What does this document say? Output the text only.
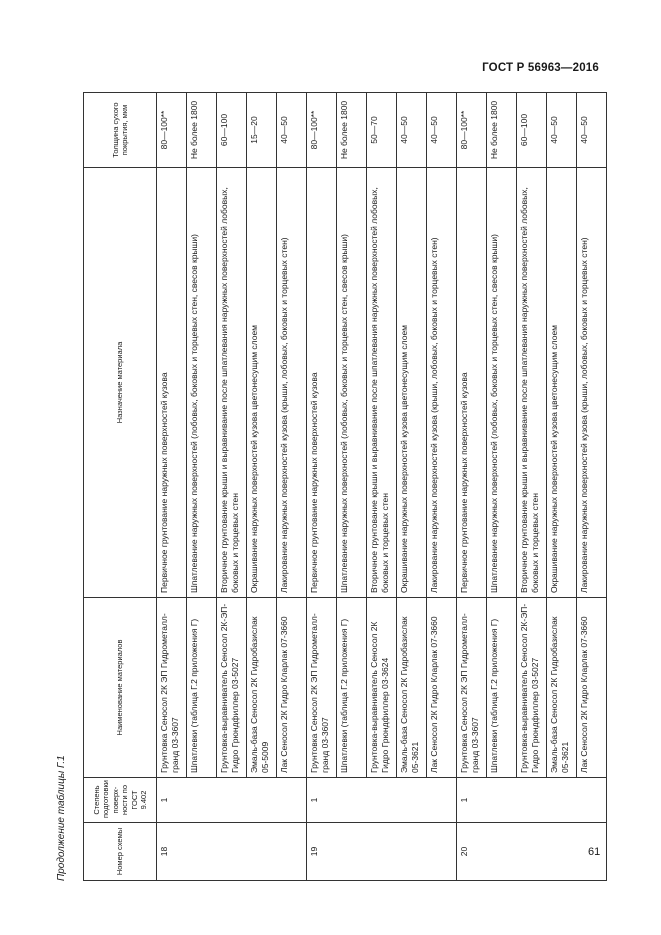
ГОСТ Р 56963—2016
Продолжение таблицы Г.1	Номер схемы	Степень подготовки поверх-ности по ГОСТ 9.402	Наименование материалов	Назначение материала	Толщина сухого покрытия, мкм
18	1	Грунтовка Сеносол 2К ЭП Гидрометалл-гранд 03-3607	Первичное грунтование наружных поверхностей кузова	80—100**
		Шпатлевки (таблица Г.2 приложения Г)	Шпатлевание наружных поверхностей (лобовых, боковых и торцевых стен, свесов крыши)	Не более 1800
		Грунтовка-выравниватель Сеносол 2К-ЭП-Гидро Грюндфиллер 03-5027	Вторичное грунтование крыши и выравнивание после шпатлевания наружных поверхностей лобовых, боковых и торцевых стен	60—100
		Эмаль-база Сеносол 2К Гидробазислак 05-5009	Окрашивание наружных поверхностей кузова цветонесущим слоем	15—20
		Лак Сеносол 2К Гидро Кларлак 07-3660	Лакирование наружных поверхностей кузова (крыши, лобовых, боковых и торцевых стен)	40—50
19	1	Грунтовка Сеносол 2К ЭП Гидрометалл-гранд 03-3607	Первичное грунтование наружных поверхностей кузова	80—100**
		Шпатлевки (таблица Г.2 приложения Г)	Шпатлевание наружных поверхностей (лобовых, боковых и торцевых стен, свесов крыши)	Не более 1800
		Грунтовка-выравниватель Сеносол 2К Гидро Грюндфиллер 03-3624	Вторичное грунтование крыши и выравнивание после шпатлевания наружных поверхностей лобовых, боковых и торцевых стен	50—70
		Эмаль-база Сеносол 2К Гидробазислак 05-3621	Окрашивание наружных поверхностей кузова цветонесущим слоем	40—50
		Лак Сеносол 2К Гидро Кларлак 07-3660	Лакирование наружных поверхностей кузова (крыши, лобовых, боковых и торцевых стен)	40—50
20	1	Грунтовка Сеносол 2К ЭП Гидрометалл-гранд 03-3607	Первичное грунтование наружных поверхностей кузова	80—100**
		Шпатлевки (таблица Г.2 приложения Г)	Шпатлевание наружных поверхностей (лобовых, боковых и торцевых стен, свесов крыши)	Не более 1800
		Грунтовка-выравниватель Сеносол 2К-ЭП-Гидро Грюндфиллер 03-5027	Вторичное грунтование крыши и выравнивание после шпатлевания наружных поверхностей лобовых, боковых и торцевых стен	60—100
		Эмаль-база Сеносол 2К Гидробазислак 05-3621	Окрашивание наружных поверхностей кузова цветонесущим слоем	40—50
		Лак Сеносол 2К Гидро Кларлак 07-3660	Лакирование наружных поверхностей кузова (крыши, лобовых, боковых и торцевых стен)	40—50
61
